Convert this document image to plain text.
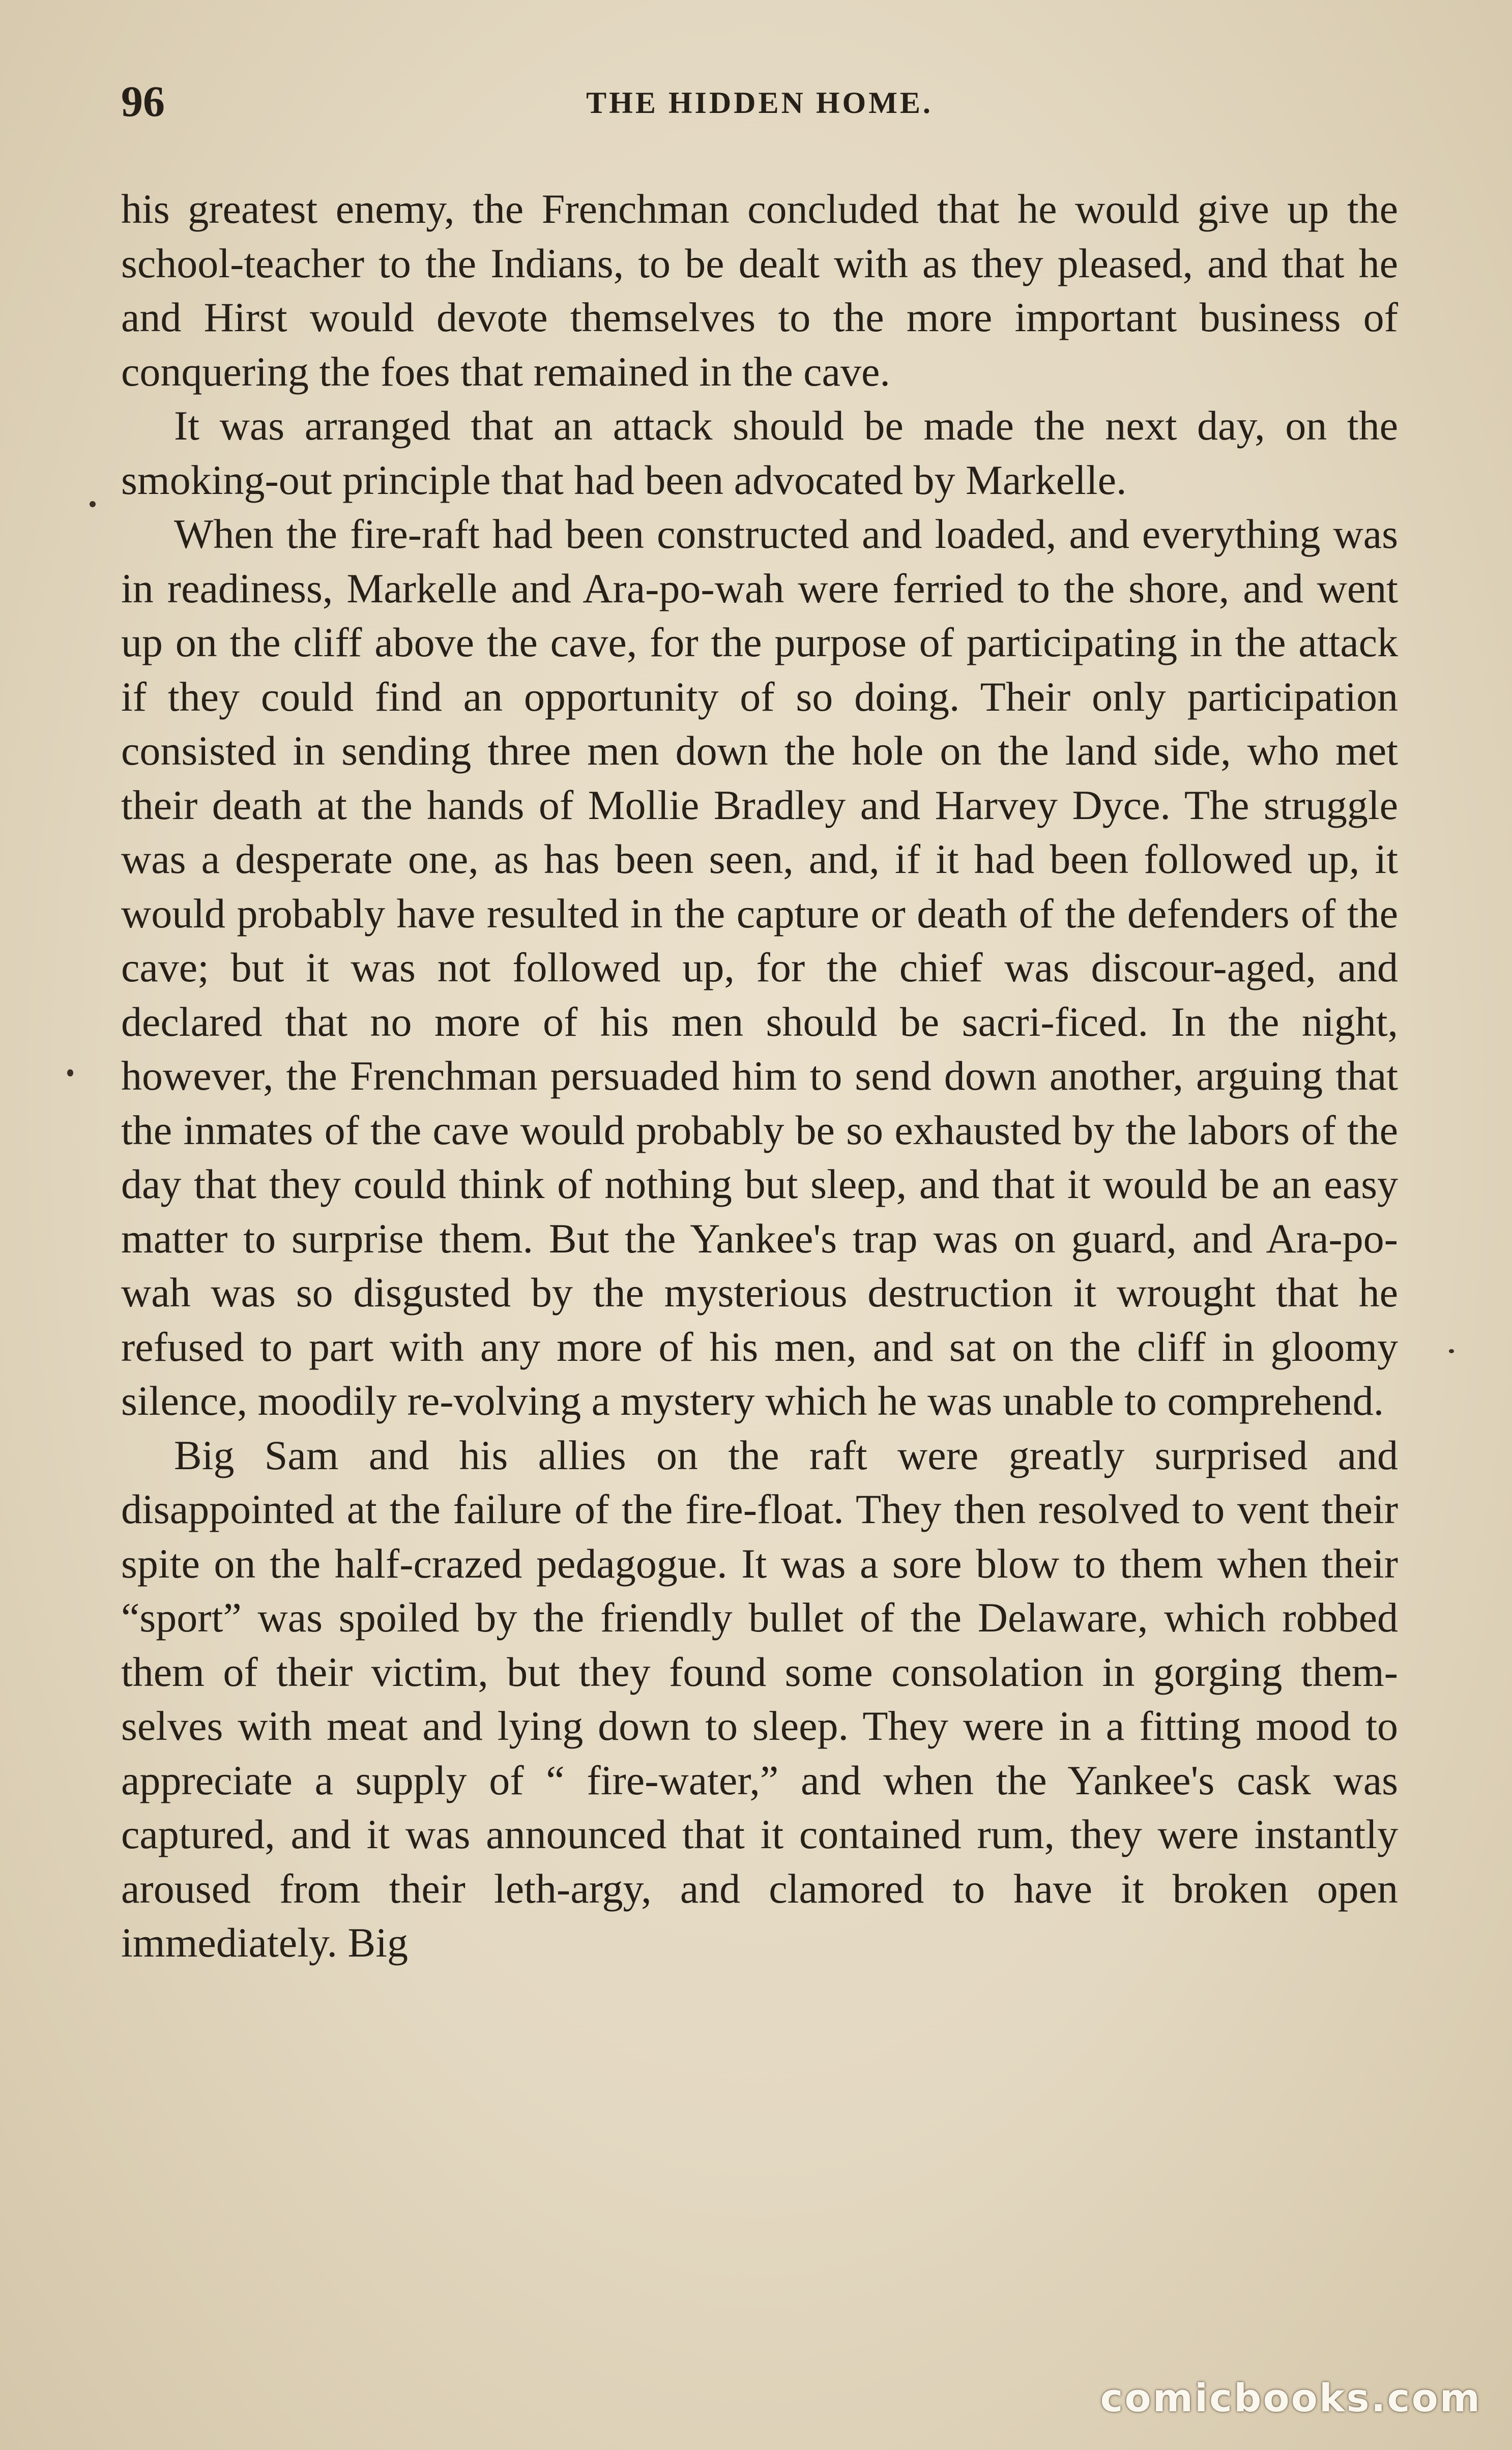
96	THE HIDDEN HOME.

his greatest enemy, the Frenchman concluded that he would give up the school-teacher to the Indians, to be dealt with as they pleased, and that he and Hirst would devote themselves to the more important business of conquering the foes that remained in the cave.

It was arranged that an attack should be made the next day, on the smoking-out principle that had been advocated by Markelle.

When the fire-raft had been constructed and loaded, and everything was in readiness, Markelle and Ara-po-wah were ferried to the shore, and went up on the cliff above the cave, for the purpose of participating in the attack if they could find an opportunity of so doing. Their only participation consisted in sending three men down the hole on the land side, who met their death at the hands of Mollie Bradley and Harvey Dyce. The struggle was a desperate one, as has been seen, and, if it had been followed up, it would probably have resulted in the capture or death of the defenders of the cave; but it was not followed up, for the chief was discour-aged, and declared that no more of his men should be sacri-ficed. In the night, however, the Frenchman persuaded him to send down another, arguing that the inmates of the cave would probably be so exhausted by the labors of the day that they could think of nothing but sleep, and that it would be an easy matter to surprise them. But the Yankee's trap was on guard, and Ara-po-wah was so disgusted by the mysterious destruction it wrought that he refused to part with any more of his men, and sat on the cliff in gloomy silence, moodily re-volving a mystery which he was unable to comprehend.

Big Sam and his allies on the raft were greatly surprised and disappointed at the failure of the fire-float. They then resolved to vent their spite on the half-crazed pedagogue. It was a sore blow to them when their “sport” was spoiled by the friendly bullet of the Delaware, which robbed them of their victim, but they found some consolation in gorging them-selves with meat and lying down to sleep. They were in a fitting mood to appreciate a supply of “ fire-water,” and when the Yankee's cask was captured, and it was announced that it contained rum, they were instantly aroused from their leth-argy, and clamored to have it broken open immediately. Big

comicbooks.com
